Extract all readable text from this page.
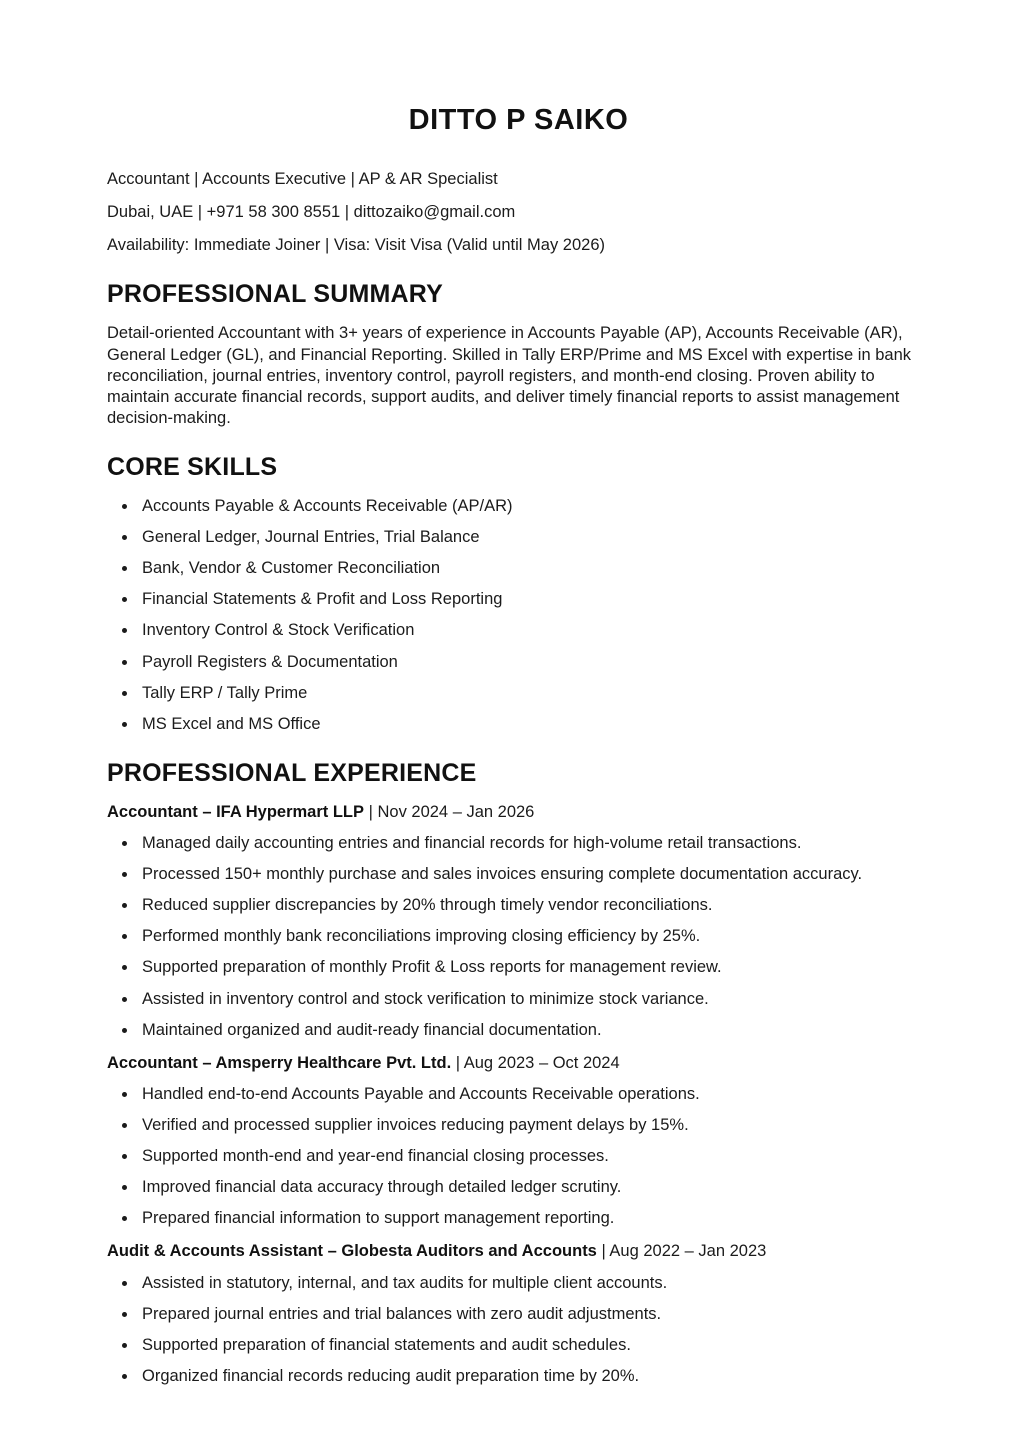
DITTO P SAIKO

Accountant | Accounts Executive | AP & AR Specialist

Dubai, UAE | +971 58 300 8551 | dittozaiko@gmail.com

Availability: Immediate Joiner | Visa: Visit Visa (Valid until May 2026)

PROFESSIONAL SUMMARY

Detail-oriented Accountant with 3+ years of experience in Accounts Payable (AP), Accounts Receivable (AR), General Ledger (GL), and Financial Reporting. Skilled in Tally ERP/Prime and MS Excel with expertise in bank reconciliation, journal entries, inventory control, payroll registers, and month-end closing. Proven ability to maintain accurate financial records, support audits, and deliver timely financial reports to assist management decision-making.

CORE SKILLS
• Accounts Payable & Accounts Receivable (AP/AR)
• General Ledger, Journal Entries, Trial Balance
• Bank, Vendor & Customer Reconciliation
• Financial Statements & Profit and Loss Reporting
• Inventory Control & Stock Verification
• Payroll Registers & Documentation
• Tally ERP / Tally Prime
• MS Excel and MS Office
PROFESSIONAL EXPERIENCE

Accountant – IFA Hypermart LLP | Nov 2024 – Jan 2026

• Managed daily accounting entries and financial records for high-volume retail transactions.
• Processed 150+ monthly purchase and sales invoices ensuring complete documentation accuracy.
• Reduced supplier discrepancies by 20% through timely vendor reconciliations.
• Performed monthly bank reconciliations improving closing efficiency by 25%.
• Supported preparation of monthly Profit & Loss reports for management review.
• Assisted in inventory control and stock verification to minimize stock variance.
• Maintained organized and audit-ready financial documentation.

Accountant – Amsperry Healthcare Pvt. Ltd. | Aug 2023 – Oct 2024

• Handled end-to-end Accounts Payable and Accounts Receivable operations.
• Verified and processed supplier invoices reducing payment delays by 15%.
• Supported month-end and year-end financial closing processes.
• Improved financial data accuracy through detailed ledger scrutiny.
• Prepared financial information to support management reporting.

Audit & Accounts Assistant – Globesta Auditors and Accounts | Aug 2022 – Jan 2023

• Assisted in statutory, internal, and tax audits for multiple client accounts.
• Prepared journal entries and trial balances with zero audit adjustments.
• Supported preparation of financial statements and audit schedules.
• Organized financial records reducing audit preparation time by 20%.
